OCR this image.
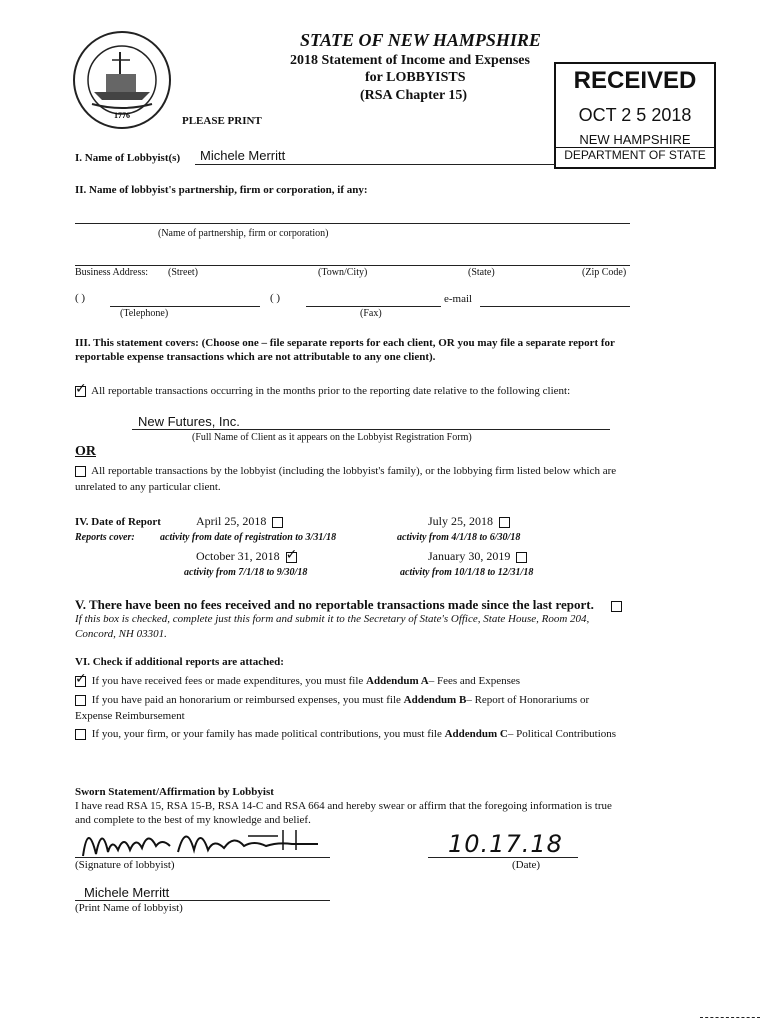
1776
STATE OF NEW HAMPSHIRE
2018 Statement of Income and Expenses
for LOBBYISTS
(RSA Chapter 15)
PLEASE PRINT
RECEIVED
OCT 2 5 2018
NEW HAMPSHIRE
DEPARTMENT OF STATE
I. Name of Lobbyist(s) Michele Merritt
II. Name of lobbyist's partnership, firm or corporation, if any:
(Name of partnership, firm or corporation)
Business Address: (Street)	(Town/City)	(State)	(Zip Code)
( )	( )	e-mail
(Telephone)	(Fax)
III. This statement covers: (Choose one – file separate reports for each client, OR you may file a separate report for
reportable expense transactions which are not attributable to any one client).
✓ All reportable transactions occurring in the months prior to the reporting date relative to the following client:
New Futures, Inc.
(Full Name of Client as it appears on the Lobbyist Registration Form)
OR
All reportable transactions by the lobbyist (including the lobbyist's family), or the lobbying firm listed below which are
unrelated to any particular client.
IV. Date of Report
Reports cover:
April 25, 2018
activity from date of registration to 3/31/18
July 25, 2018
activity from 4/1/18 to 6/30/18
October 31, 2018 ✓
activity from 7/1/18 to 9/30/18
January 30, 2019
activity from 10/1/18 to 12/31/18
V. There have been no fees received and no reportable transactions made since the last report.
If this box is checked, complete just this form and submit it to the Secretary of State's Office, State House, Room 204,
Concord, NH 03301.
VI. Check if additional reports are attached:
✓ If you have received fees or made expenditures, you must file Addendum A– Fees and Expenses
If you have paid an honorarium or reimbursed expenses, you must file Addendum B– Report of Honorariums or
Expense Reimbursement
If you, your firm, or your family has made political contributions, you must file Addendum C– Political Contributions
Sworn Statement/Affirmation by Lobbyist
I have read RSA 15, RSA 15-B, RSA 14-C and RSA 664 and hereby swear or affirm that the foregoing information is true
and complete to the best of my knowledge and belief.
(Signature of lobbyist)
10.17.18
(Date)
Michele Merritt
(Print Name of lobbyist)
